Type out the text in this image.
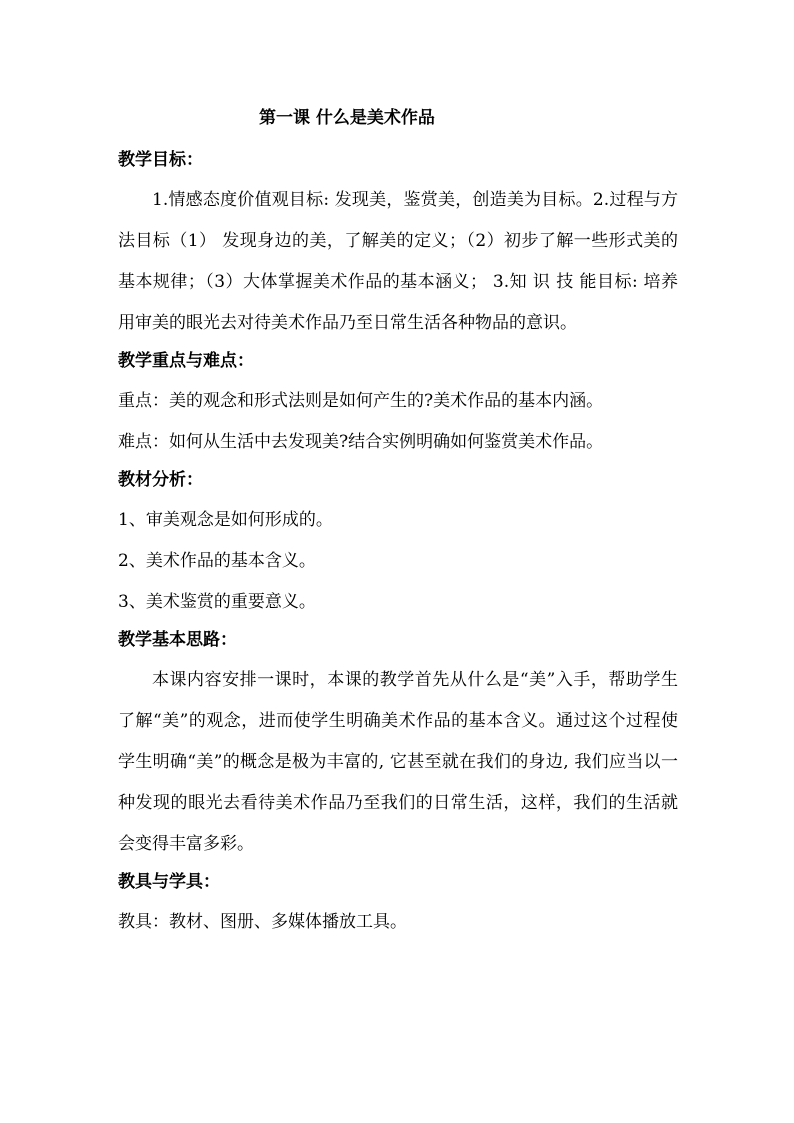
第一课 什么是美术作品
教学目标：

1.情感态度价值观目标: 发现美，鉴赏美，创造美为目标。2.过程与方法目标（1） 发现身边的美，了解美的定义；（2）初步了解一些形式美的基本规律；（3）大体掌握美术作品的基本涵义； 3.知 识 技 能目标: 培养用审美的眼光去对待美术作品乃至日常生活各种物品的意识。

教学重点与难点：
重点：美的观念和形式法则是如何产生的?美术作品的基本内涵。
难点：如何从生活中去发现美?结合实例明确如何鉴赏美术作品。
教材分析：
1、审美观念是如何形成的。
2、美术作品的基本含义。
3、美术鉴赏的重要意义。
教学基本思路：

本课内容安排一课时，本课的教学首先从什么是“美”入手，帮助学生了解“美”的观念，进而使学生明确美术作品的基本含义。通过这个过程使学生明确“美”的概念是极为丰富的, 它甚至就在我们的身边, 我们应当以一种发现的眼光去看待美术作品乃至我们的日常生活，这样，我们的生活就会变得丰富多彩。

教具与学具：
教具：教材、图册、多媒体播放工具。
